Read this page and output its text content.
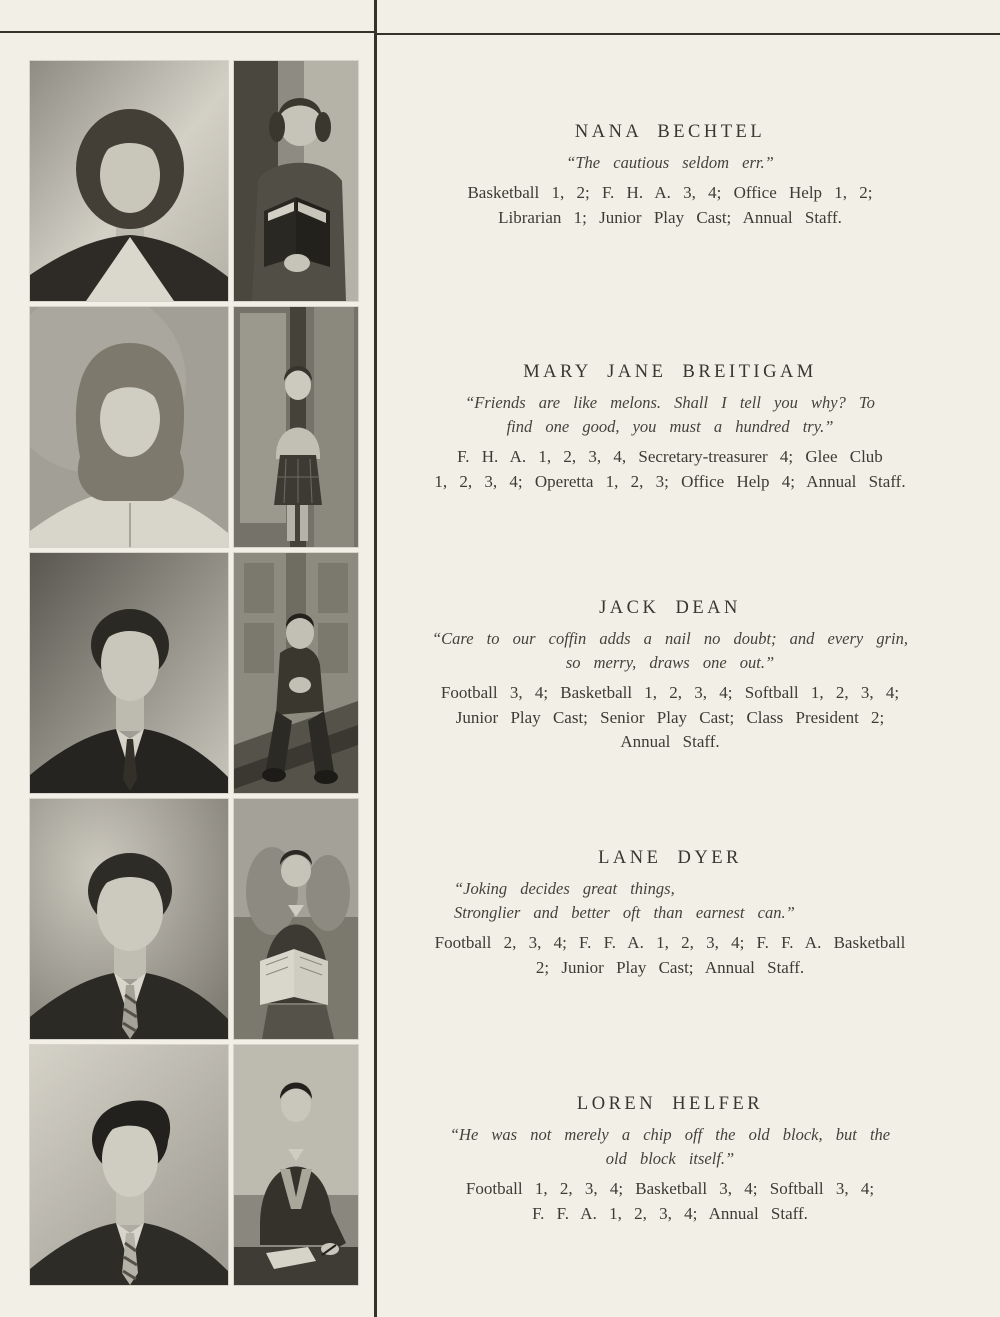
NANA BECHTEL
“The cautious seldom err.”
Basketball 1, 2; F. H. A. 3, 4; Office Help 1, 2;
Librarian 1; Junior Play Cast; Annual Staff.
MARY JANE BREITIGAM
“Friends are like melons. Shall I tell you why? To
find one good, you must a hundred try.”
F. H. A. 1, 2, 3, 4, Secretary-treasurer 4; Glee Club
1, 2, 3, 4; Operetta 1, 2, 3; Office Help 4; Annual Staff.
JACK DEAN
“Care to our coffin adds a nail no doubt; and every grin,
so merry, draws one out.”
Football 3, 4; Basketball 1, 2, 3, 4; Softball 1, 2, 3, 4;
Junior Play Cast; Senior Play Cast; Class President 2;
Annual Staff.
LANE DYER
“Joking decides great things,
Stronglier and better oft than earnest can.”
Football 2, 3, 4; F. F. A. 1, 2, 3, 4; F. F. A. Basketball
2; Junior Play Cast; Annual Staff.
LOREN HELFER
“He was not merely a chip off the old block, but the
old block itself.”
Football 1, 2, 3, 4; Basketball 3, 4; Softball 3, 4;
F. F. A. 1, 2, 3, 4; Annual Staff.
